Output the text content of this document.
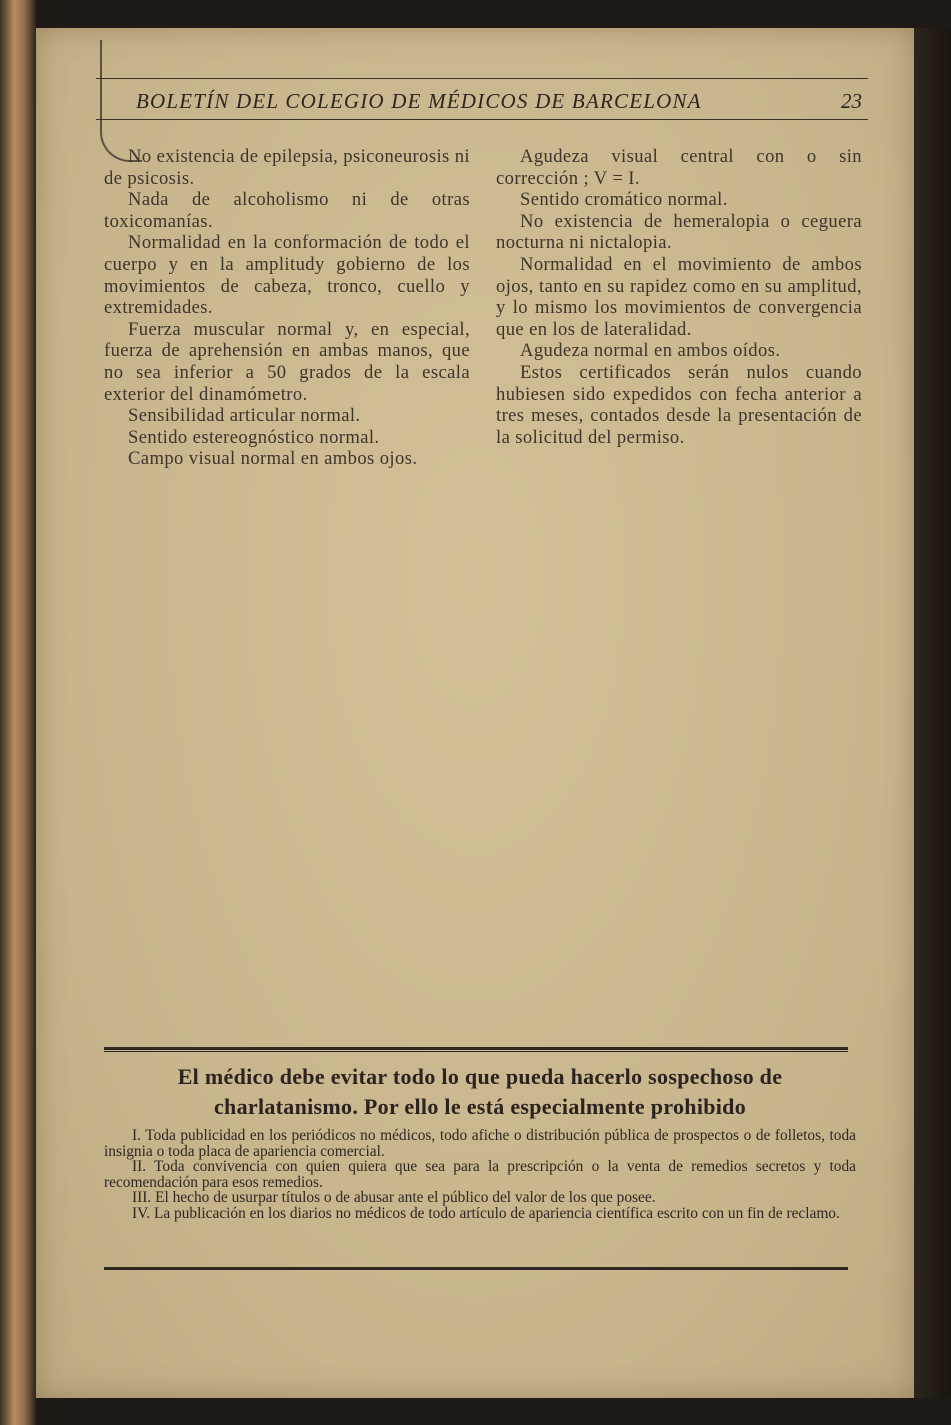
BOLETÍN DEL COLEGIO DE MÉDICOS DE BARCELONA	23

No existencia de epilepsia, psiconeurosis ni de psicosis.

Nada de alcoholismo ni de otras toxicomanías.

Normalidad en la conformación de todo el cuerpo y en la amplitudy gobierno de los movimientos de cabeza, tronco, cuello y extremidades.

Fuerza muscular normal y, en especial, fuerza de aprehensión en ambas manos, que no sea inferior a 50 grados de la escala exterior del dinamómetro.

Sensibilidad articular normal.

Sentido estereognóstico normal.

Campo visual normal en ambos ojos.

Agudeza visual central con o sin corrección ; V = I.

Sentido cromático normal.

No existencia de hemeralopia o ceguera nocturna ni nictalopia.

Normalidad en el movimiento de ambos ojos, tanto en su rapidez como en su amplitud, y lo mismo los movimientos de convergencia que en los de lateralidad.

Agudeza normal en ambos oídos.

Estos certificados serán nulos cuando hubiesen sido expedidos con fecha anterior a tres meses, contados desde la presentación de la solicitud del permiso.

El médico debe evitar todo lo que pueda hacerlo sospechoso de charlatanismo. Por ello le está especialmente prohibido

I. Toda publicidad en los periódicos no médicos, todo afiche o distribución pública de prospectos o de folletos, toda insignia o toda placa de apariencia comercial.

II. Toda convivencia con quien quiera que sea para la prescripción o la venta de remedios secretos y toda recomendación para esos remedios.

III. El hecho de usurpar títulos o de abusar ante el público del valor de los que posee.

IV. La publicación en los diarios no médicos de todo artículo de apariencia científica escrito con un fin de reclamo.
